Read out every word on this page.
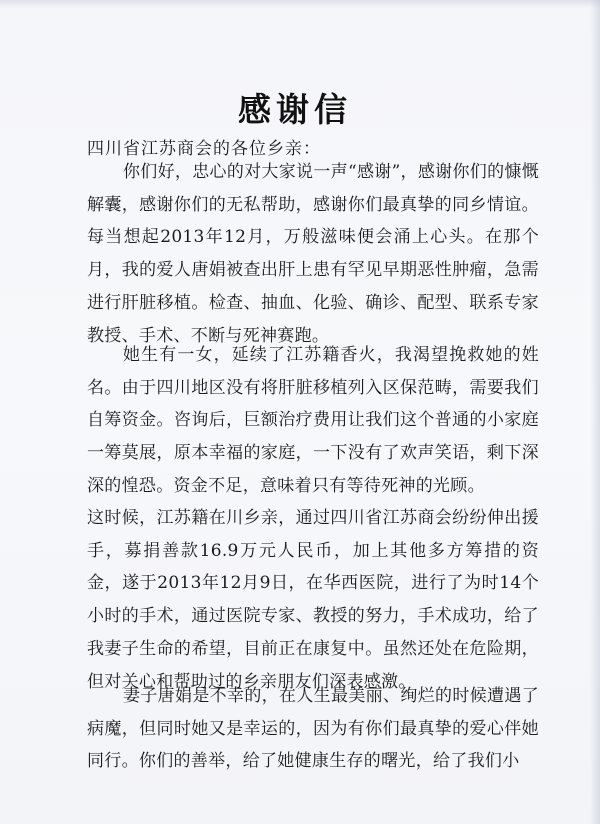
感谢信
四川省江苏商会的各位乡亲：

你们好，忠心的对大家说一声“感谢”，感谢你们的慷慨解囊，感谢你们的无私帮助，感谢你们最真挚的同乡情谊。每当想起2013年12月，万般滋味便会涌上心头。在那个月，我的爱人唐娟被查出肝上患有罕见早期恶性肿瘤，急需进行肝脏移植。检查、抽血、化验、确诊、配型、联系专家教授、手术、不断与死神赛跑。

她生有一女，延续了江苏籍香火，我渴望挽救她的姓名。由于四川地区没有将肝脏移植列入区保范畴，需要我们自筹资金。咨询后，巨额治疗费用让我们这个普通的小家庭一筹莫展，原本幸福的家庭，一下没有了欢声笑语，剩下深深的惶恐。资金不足，意味着只有等待死神的光顾。

这时候，江苏籍在川乡亲，通过四川省江苏商会纷纷伸出援手，募捐善款16.9万元人民币，加上其他多方筹措的资金，遂于2013年12月9日，在华西医院，进行了为时14个小时的手术，通过医院专家、教授的努力，手术成功，给了我妻子生命的希望，目前正在康复中。虽然还处在危险期，但对关心和帮助过的乡亲朋友们深表感激。

妻子唐娟是不幸的，在人生最美丽、绚烂的时候遭遇了病魔，但同时她又是幸运的，因为有你们最真挚的爱心伴她同行。你们的善举，给了她健康生存的曙光，给了我们小
